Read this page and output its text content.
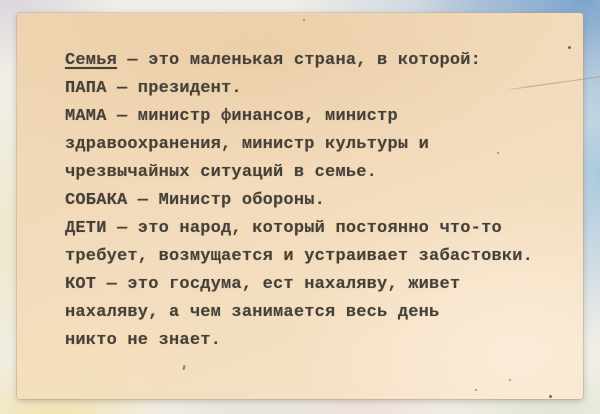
Семья — это маленькая страна, в которой:

ПАПА — президент.

МАМА — министр финансов, министр

здравоохранения, министр культуры и

чрезвычайных ситуаций в семье.

СОБАКА — Министр обороны.

ДЕТИ — это народ, который постоянно что-то

требует, возмущается и устраивает забастовки.

КОТ — это госдума, ест нахаляву, живет

нахаляву, а чем занимается весь день

никто не знает.
